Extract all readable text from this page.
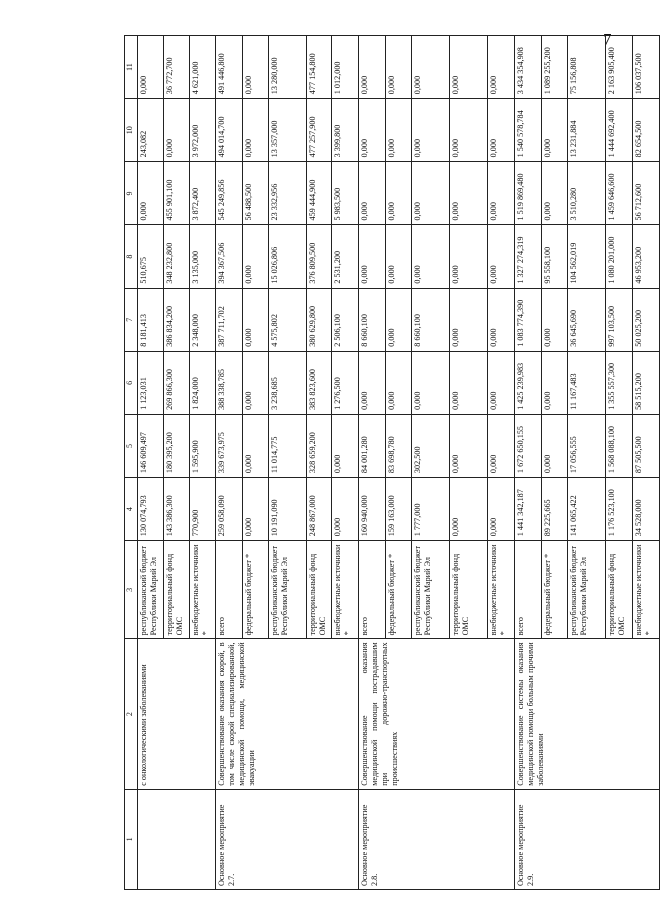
7
1	2	3	4	5	6	7	8	9	10	11
	с онкологическими заболеваниями	республиканский бюджет Республики Марий Эл	130 074,793	146 609,497	1 123,031	8 181,413	510,675	0,000	243,082	0,000
		территориальный фонд ОМС	143 386,300	180 395,200	269 866,300	386 834,200	348 232,800	455 901,100	0,000	36 772,700
		внебюджетные источники *	770,900	1 595,900	1 824,000	2 348,000	3 135,000	3 872,400	3 972,000	4 621,000
Основное мероприятие 2.7.	Совершенствование оказания скорой, в том числе скорой специализированной, медицинской помощи, медицинской эвакуации	всего	259 058,090	339 673,975	388 338,785	387 711,702	394 367,506	545 249,856	494 014,700	491 446,800
		федеральный бюджет *	0,000	0,000	0,000	0,000	0,000	56 488,500	0,000	0,000
		республиканский бюджет Республики Марий Эл	10 191,090	11 014,775	3 238,685	4 575,802	15 026,806	23 332,956	13 357,000	13 280,000
		территориальный фонд ОМС	248 867,000	328 659,200	383 823,600	380 629,800	376 809,500	459 444,900	477 257,900	477 154,800
		внебюджетные источники *	0,000	0,000	1 276,500	2 506,100	2 531,200	5 983,500	3 399,800	1 012,000
Основное мероприятие 2.8.	Совершенствование оказания медицинской помощи пострадавшим при дорожно-транспортных происшествиях	всего	160 940,000	84 001,280	0,000	8 660,100	0,000	0,000	0,000	0,000
		федеральный бюджет *	159 163,000	83 698,780	0,000	0,000	0,000	0,000	0,000	0,000
		республиканский бюджет Республики Марий Эл	1 777,000	302,500	0,000	8 660,100	0,000	0,000	0,000	0,000
		территориальный фонд ОМС	0,000	0,000	0,000	0,000	0,000	0,000	0,000	0,000
		внебюджетные источники *	0,000	0,000	0,000	0,000	0,000	0,000	0,000	0,000
Основное мероприятие 2.9.	Совершенствование системы оказания медицинской помощи больным прочими заболеваниями	всего	1 441 342,187	1 672 650,155	1 425 239,983	1 083 774,390	1 327 274,319	1 519 869,480	1 540 578,784	3 434 354,908
		федеральный бюджет *	89 225,665	0,000	0,000	0,000	95 558,100	0,000	0,000	1 089 255,200
		республиканский бюджет Республики Марий Эл	141 065,422	17 056,555	11 167,483	36 645,690	104 562,019	3 510,280	13 231,884	75 156,808
		территориальный фонд ОМС	1 176 523,100	1 568 088,100	1 355 557,300	997 103,500	1 080 201,000	1 459 646,600	1 444 692,400	2 163 905,400
		внебюджетные источники *	34 528,000	87 505,500	58 515,200	50 025,200	46 953,200	56 712,600	82 654,500	106 037,500
